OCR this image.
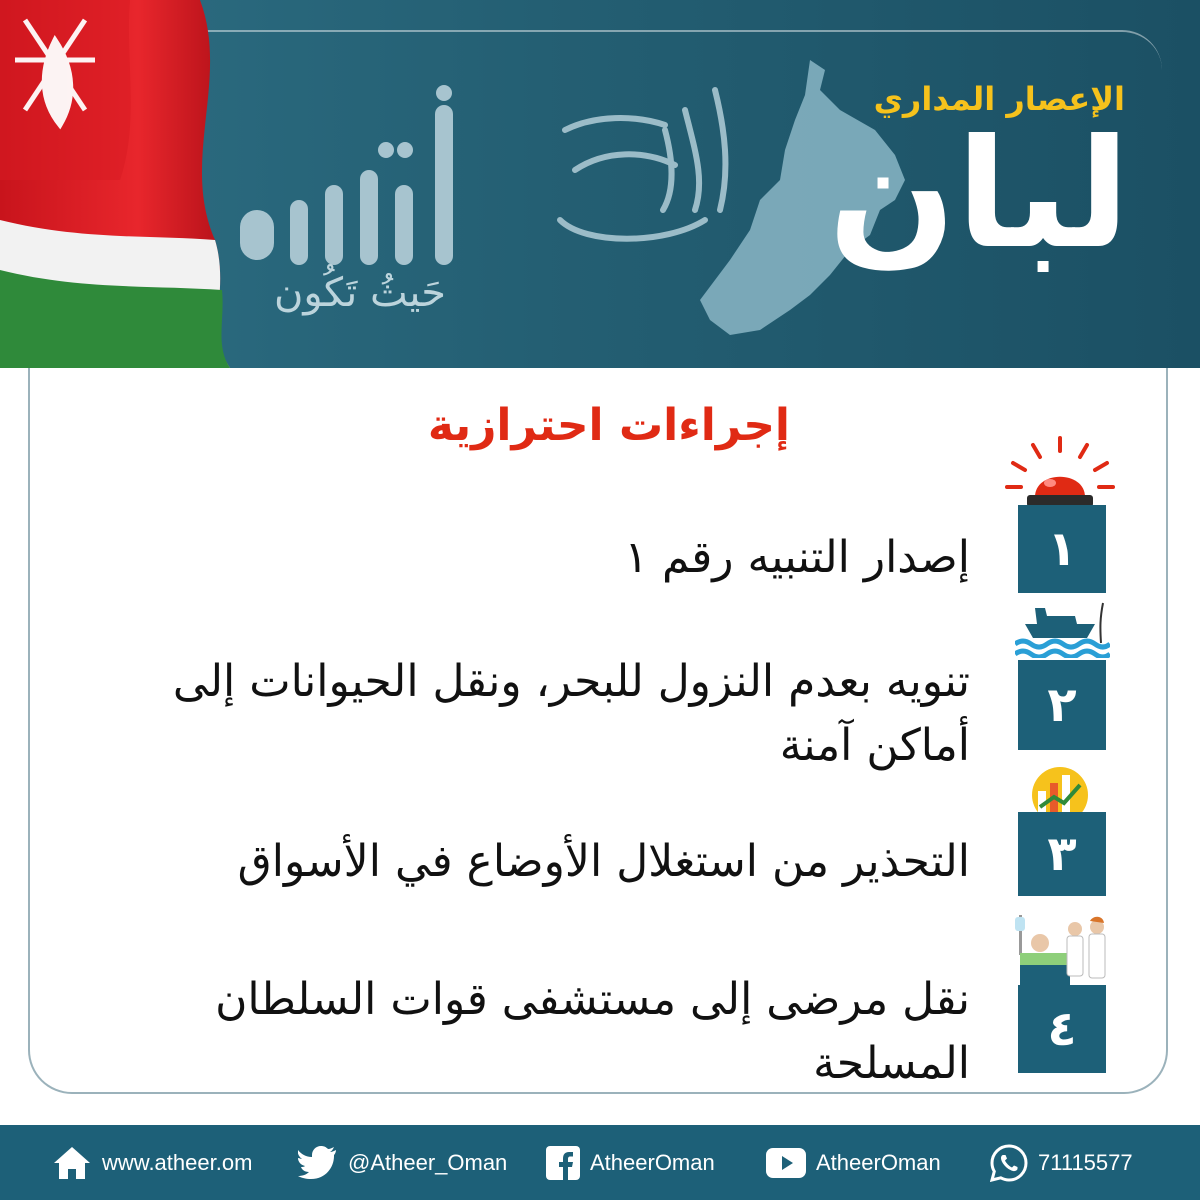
حَيثُ تَكُون
الإعصار المداري
لبان
إجراءات احترازية
١
إصدار التنبيه رقم ١
٢
تنويه بعدم النزول للبحر، ونقل الحيوانات إلى أماكن آمنة
٣
التحذير من استغلال الأوضاع في الأسواق
٤
نقل مرضى إلى مستشفى قوات السلطان المسلحة
www.atheer.om	@Atheer_Oman	AtheerOman	AtheerOman	71115577
